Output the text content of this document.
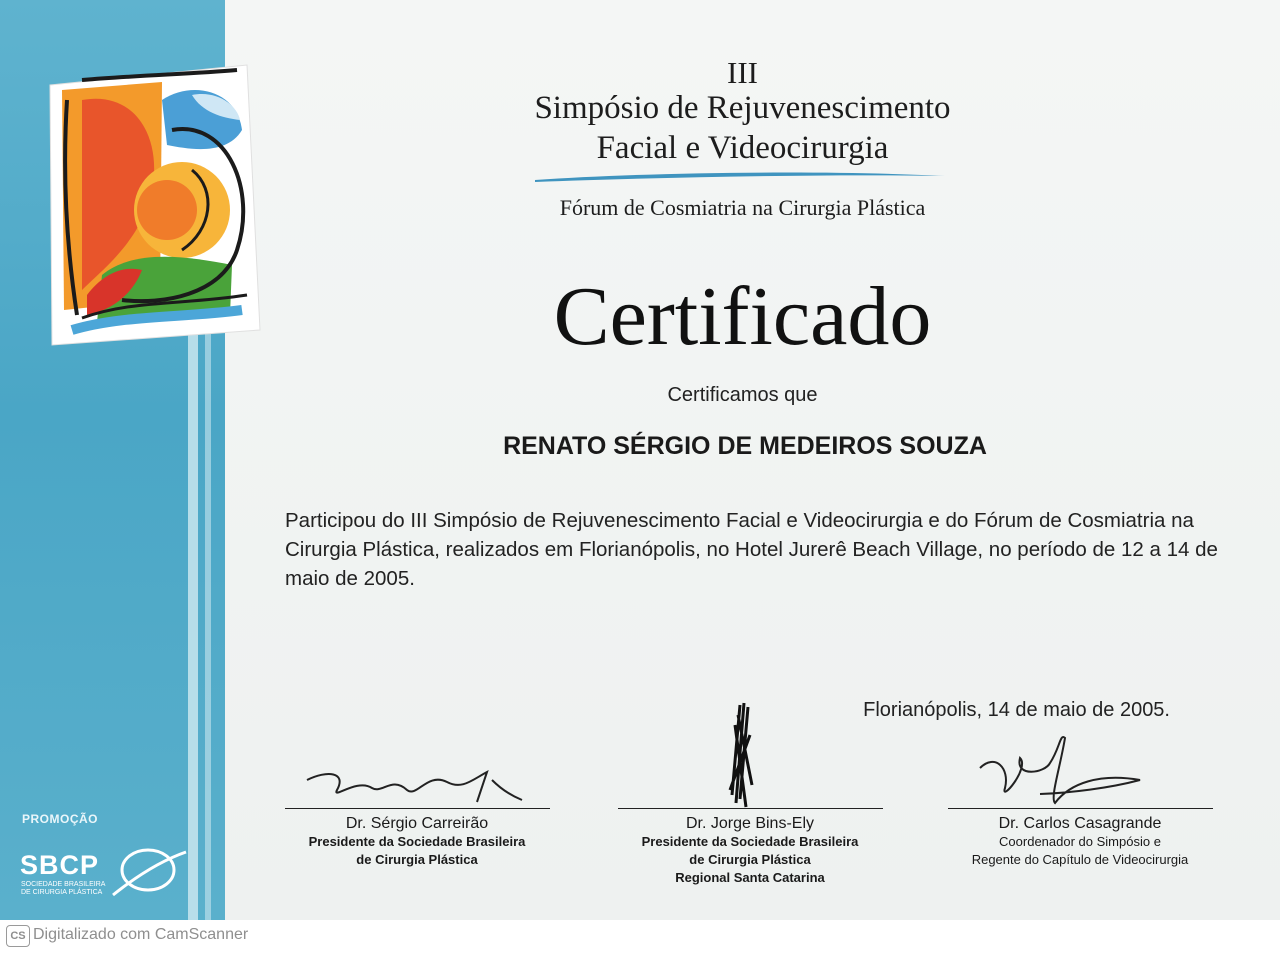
III
Simpósio de Rejuvenescimento
Facial e Videocirurgia
Fórum de Cosmiatria na Cirurgia Plástica
Certificado
Certificamos que
RENATO SÉRGIO DE MEDEIROS SOUZA
Participou do III Simpósio de Rejuvenescimento Facial e Videocirurgia e do Fórum de Cosmiatria na Cirurgia Plástica, realizados em Florianópolis, no Hotel Jurerê Beach Village, no período de 12 a 14 de maio de 2005.
Florianópolis, 14 de maio de 2005.
Dr. Sérgio Carreirão
Presidente da Sociedade Brasileira
de Cirurgia Plástica
Dr. Jorge Bins-Ely
Presidente da Sociedade Brasileira
de Cirurgia Plástica
Regional Santa Catarina
Dr. Carlos Casagrande
Coordenador do Simpósio e
Regente do Capítulo de Videocirurgia
PROMOÇÃO
SBCP
SOCIEDADE BRASILEIRA
DE CIRURGIA PLÁSTICA
CS Digitalizado com CamScanner
